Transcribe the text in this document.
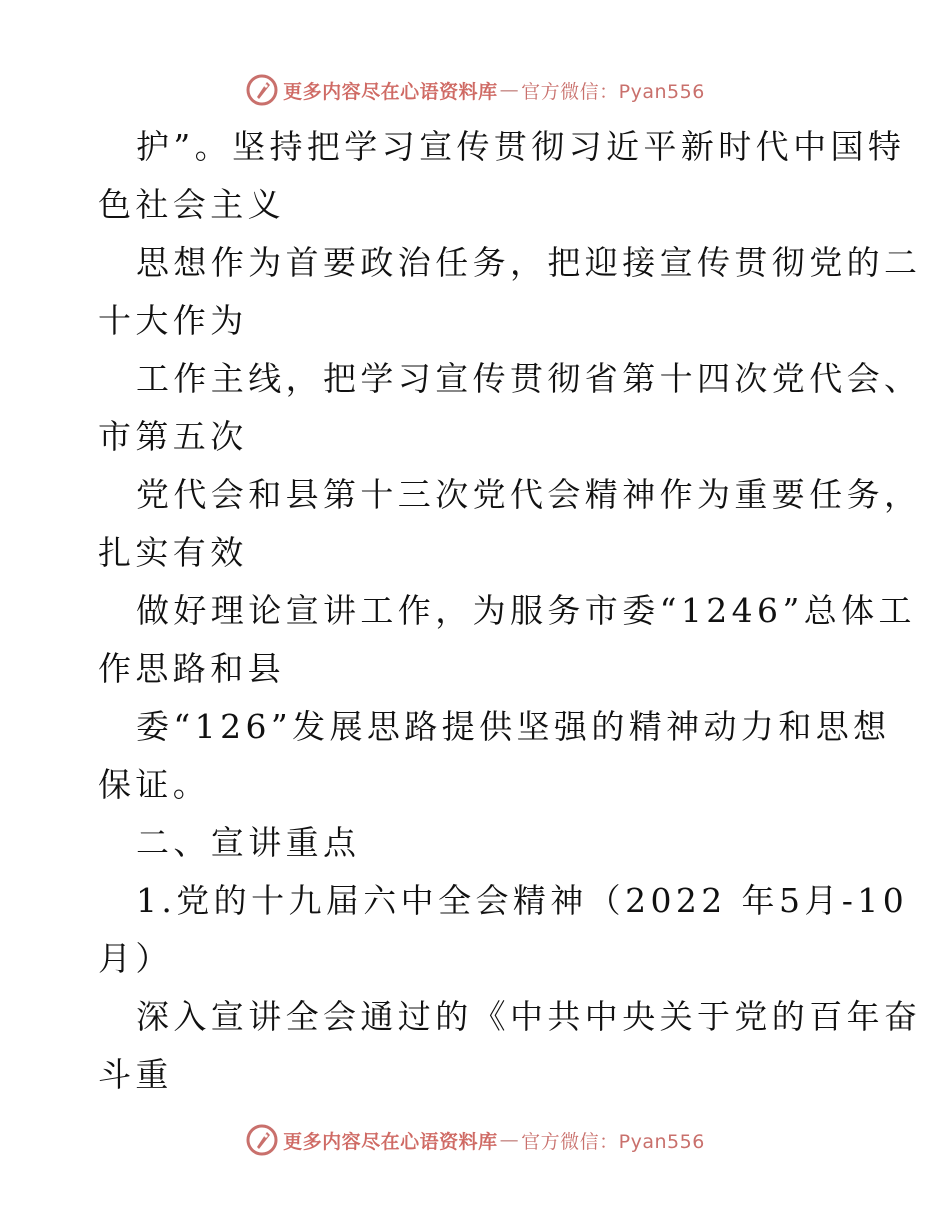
更多内容尽在心语资料库 — 官方微信：Pyan556
护”。坚持把学习宣传贯彻习近平新时代中国特
色社会主义
思想作为首要政治任务，把迎接宣传贯彻党的二
十大作为
工作主线，把学习宣传贯彻省第十四次党代会、
市第五次
党代会和县第十三次党代会精神作为重要任务，
扎实有效
做好理论宣讲工作，为服务市委“1246”总体工
作思路和县
委“126”发展思路提供坚强的精神动力和思想
保证。
二、宣讲重点
1.党的十九届六中全会精神（2022 年5月-10
月）
深入宣讲全会通过的《中共中央关于党的百年奋
斗重
更多内容尽在心语资料库 — 官方微信：Pyan556
